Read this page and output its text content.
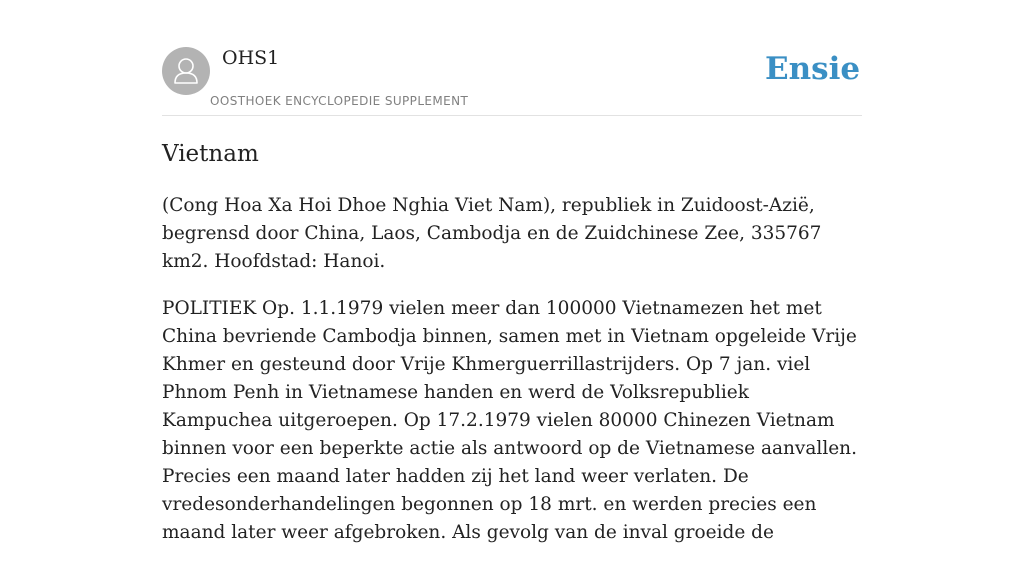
OHS1
OOSTHOEK ENCYCLOPEDIE SUPPLEMENT
Ensie
Vietnam

(Cong Hoa Xa Hoi Dhoe Nghia Viet Nam), republiek in Zuidoost-Azië, begrensd door China, Laos, Cambodja en de Zuidchinese Zee, 335767 km2. Hoofdstad: Hanoi.

POLITIEK Op. 1.1.1979 vielen meer dan 100000 Vietnamezen het met China bevriende Cambodja binnen, samen met in Vietnam opgeleide Vrije Khmer en gesteund door Vrije Khmerguerrillastrijders. Op 7 jan. viel Phnom Penh in Vietnamese handen en werd de Volksrepubliek Kampuchea uitgeroepen. Op 17.2.1979 vielen 80000 Chinezen Vietnam binnen voor een beperkte actie als antwoord op de Vietnamese aanvallen. Precies een maand later hadden zij het land weer verlaten. De vredesonderhandelingen begonnen op 18 mrt. en werden precies een maand later weer afgebroken. Als gevolg van de inval groeide de
